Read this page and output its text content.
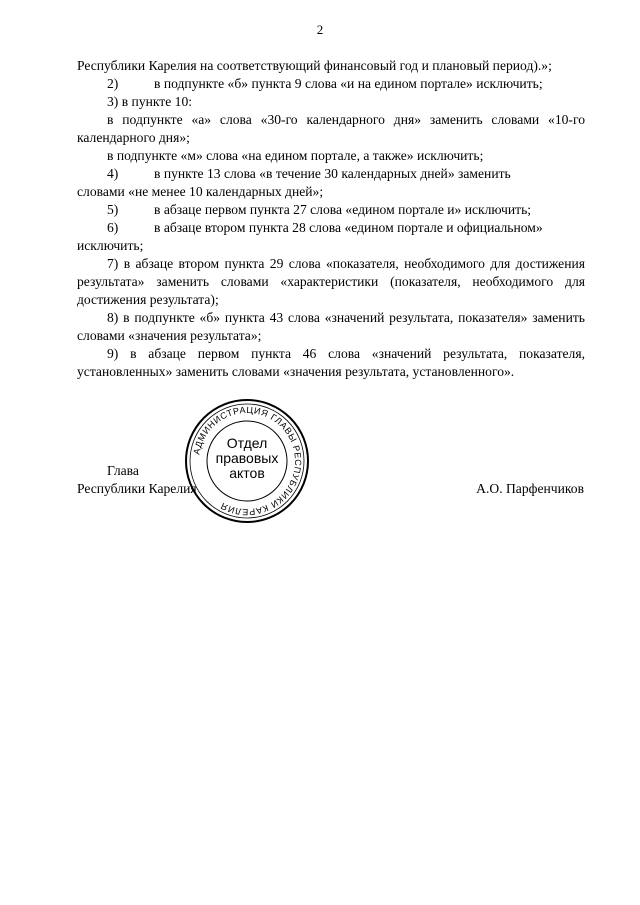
2

Республики Карелия на соответствующий финансовый год и плановый период).»;

2)	в подпункте «б» пункта 9 слова «и на едином портале» исключить;

3) в пункте 10:

в подпункте «а» слова «30-го календарного дня» заменить словами «10-го календарного дня»;

в подпункте «м» слова «на едином портале, а также» исключить;

4)	в пункте 13 слова «в течение 30 календарных дней» заменить

словами «не менее 10 календарных дней»;

5)	в абзаце первом пункта 27 слова «едином портале и» исключить;
6)	в абзаце втором пункта 28 слова «едином портале и официальном»

исключить;

7) в абзаце втором пункта 29 слова «показателя, необходимого для достижения результата» заменить словами «характеристики (показателя, необходимого для достижения результата);

8) в подпункте «б» пункта 43 слова «значений результата, показателя» заменить словами «значения результата»;

9) в абзаце первом пункта 46 слова «значений результата, показателя, установленных» заменить словами «значения результата, установленного».

АДМИНИСТРАЦИЯ ГЛАВЫ РЕСПУБЛИКИ КАРЕЛИЯ
Отдел
правовых
актов
Глава
Республики Карелия	А.О. Парфенчиков
